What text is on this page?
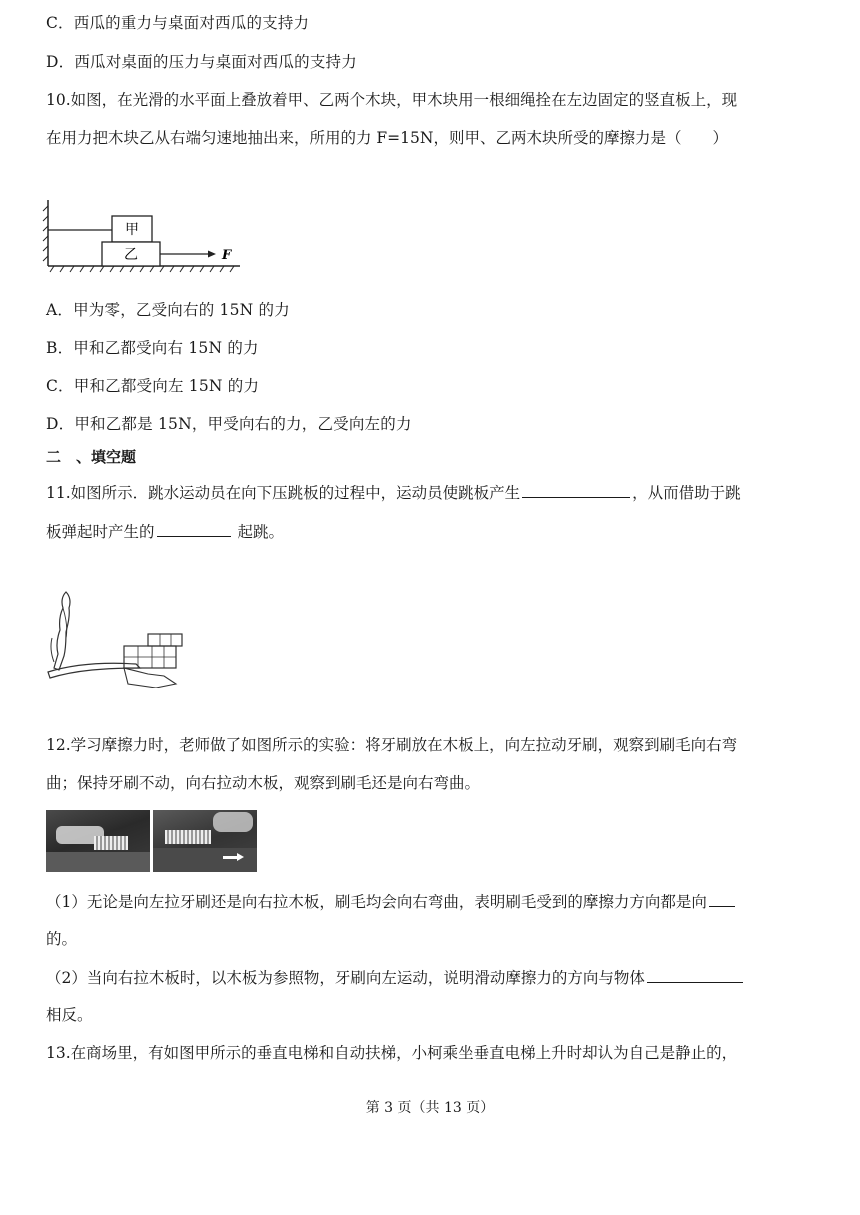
C．西瓜的重力与桌面对西瓜的支持力
D．西瓜对桌面的压力与桌面对西瓜的支持力
10.如图，在光滑的水平面上叠放着甲、乙两个木块，甲木块用一根细绳拴在左边固定的竖直板上，现
在用力把木块乙从右端匀速地抽出来，所用的力 F=15N，则甲、乙两木块所受的摩擦力是（　　）
甲
乙	F
A．甲为零，乙受向右的 15N 的力
B．甲和乙都受向右 15N 的力
C．甲和乙都受向左 15N 的力
D．甲和乙都是 15N，甲受向右的力，乙受向左的力
二　、填空题
11.如图所示．跳水运动员在向下压跳板的过程中，运动员使跳板产生	，从而借助于跳
板弹起时产生的	起跳。
12.学习摩擦力时，老师做了如图所示的实验：将牙刷放在木板上，向左拉动牙刷，观察到刷毛向右弯
曲；保持牙刷不动，向右拉动木板，观察到刷毛还是向右弯曲。
（1）无论是向左拉牙刷还是向右拉木板，刷毛均会向右弯曲，表明刷毛受到的摩擦力方向都是向
的。
（2）当向右拉木板时，以木板为参照物，牙刷向左运动，说明滑动摩擦力的方向与物体
相反。
13.在商场里，有如图甲所示的垂直电梯和自动扶梯，小柯乘坐垂直电梯上升时却认为自己是静止的，
第 3 页（共 13 页）
